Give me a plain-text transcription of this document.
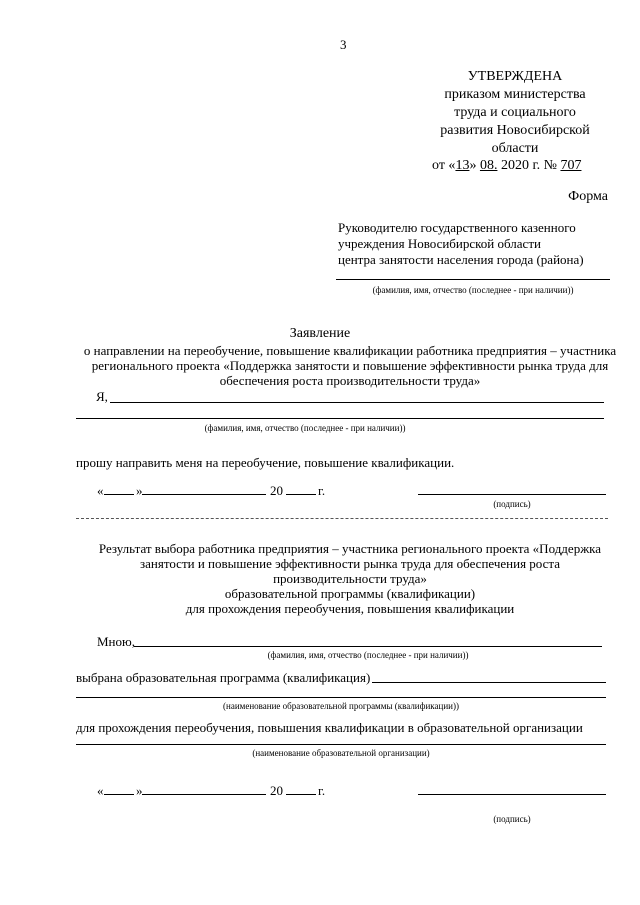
3
УТВЕРЖДЕНА
приказом министерства
труда и социального
развития Новосибирской
области
от «13» 08. 2020 г. № 707
Форма
Руководителю государственного казенного
учреждения Новосибирской области
центра занятости населения города (района)
(фамилия, имя, отчество (последнее - при наличии))
Заявление
о направлении на переобучение, повышение квалификации работника предприятия – участника
регионального проекта «Поддержка занятости и повышение эффективности рынка труда для
обеспечения роста производительности труда»
Я,
(фамилия, имя, отчество (последнее - при наличии))
прошу направить меня на переобучение, повышение квалификации.
«	»	20	г.
(подпись)
Результат выбора работника предприятия – участника регионального проекта «Поддержка
занятости и повышение эффективности рынка труда для обеспечения роста
производительности труда»
образовательной программы (квалификации)
для прохождения переобучения, повышения квалификации
Мною,
(фамилия, имя, отчество (последнее - при наличии))
выбрана образовательная программа (квалификация)
(наименование образовательной программы (квалификации))
для прохождения переобучения, повышения квалификации в образовательной организации
(наименование образовательной организации)
«	»	20	г.
(подпись)
